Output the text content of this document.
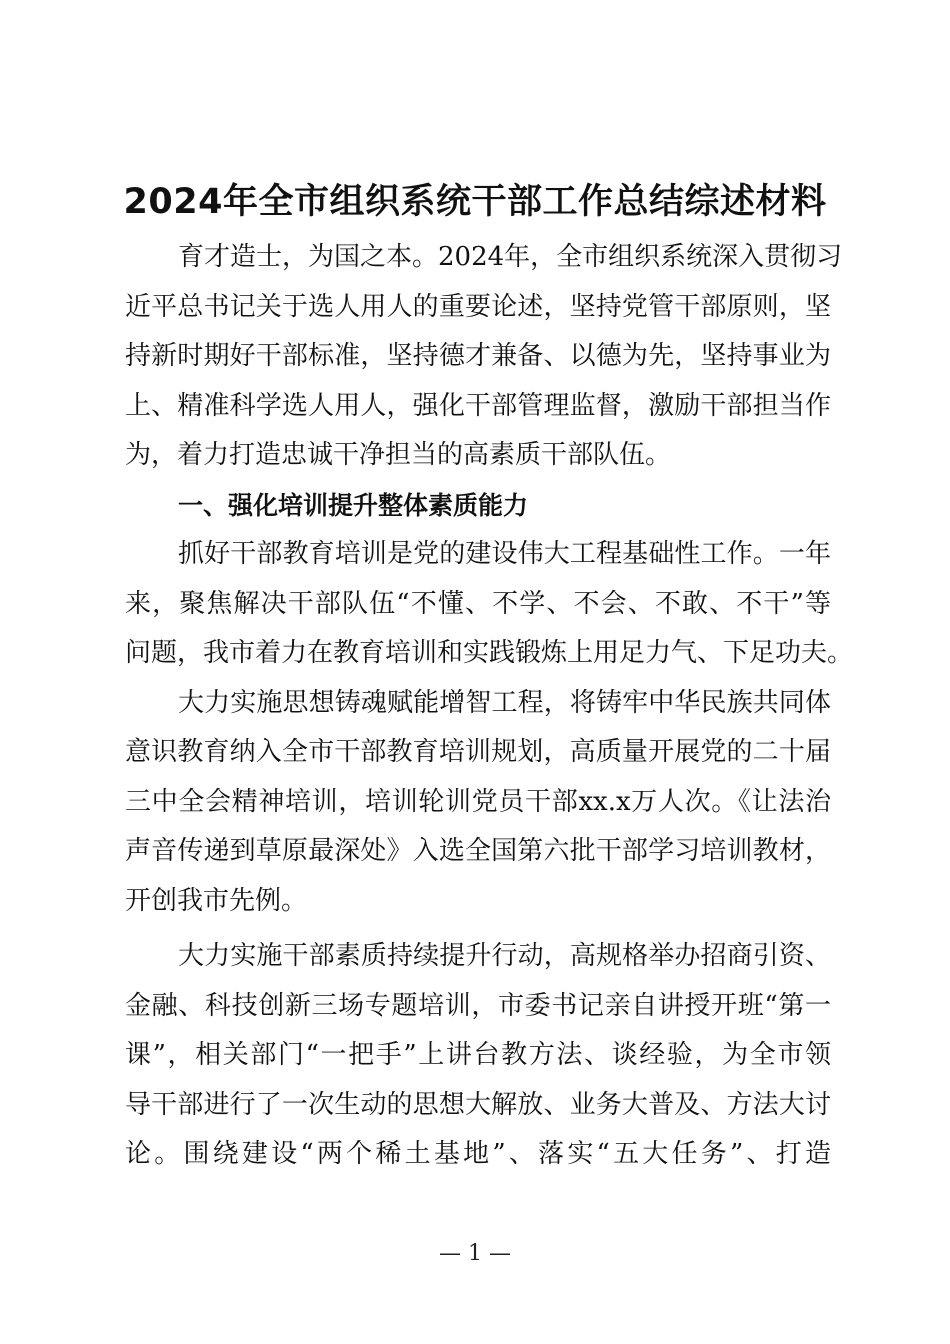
2024年全市组织系统干部工作总结综述材料
育才造士，为国之本。2024年，全市组织系统深入贯彻习
近平总书记关于选人用人的重要论述，坚持党管干部原则，坚
持新时期好干部标准，坚持德才兼备、以德为先，坚持事业为
上、精准科学选人用人，强化干部管理监督，激励干部担当作
为，着力打造忠诚干净担当的高素质干部队伍。
一、强化培训提升整体素质能力
抓好干部教育培训是党的建设伟大工程基础性工作。一年
来，聚焦解决干部队伍“不懂、不学、不会、不敢、不干”等
问题，我市着力在教育培训和实践锻炼上用足力气、下足功夫。
大力实施思想铸魂赋能增智工程，将铸牢中华民族共同体
意识教育纳入全市干部教育培训规划，高质量开展党的二十届
三中全会精神培训，培训轮训党员干部xx.x万人次。《让法治
声音传递到草原最深处》入选全国第六批干部学习培训教材，
开创我市先例。
大力实施干部素质持续提升行动，高规格举办招商引资、
金融、科技创新三场专题培训，市委书记亲自讲授开班“第一
课”，相关部门“一把手”上讲台教方法、谈经验，为全市领
导干部进行了一次生动的思想大解放、业务大普及、方法大讨
论。围绕建设“两个稀土基地”、落实“五大任务”、打造
— 1 —
